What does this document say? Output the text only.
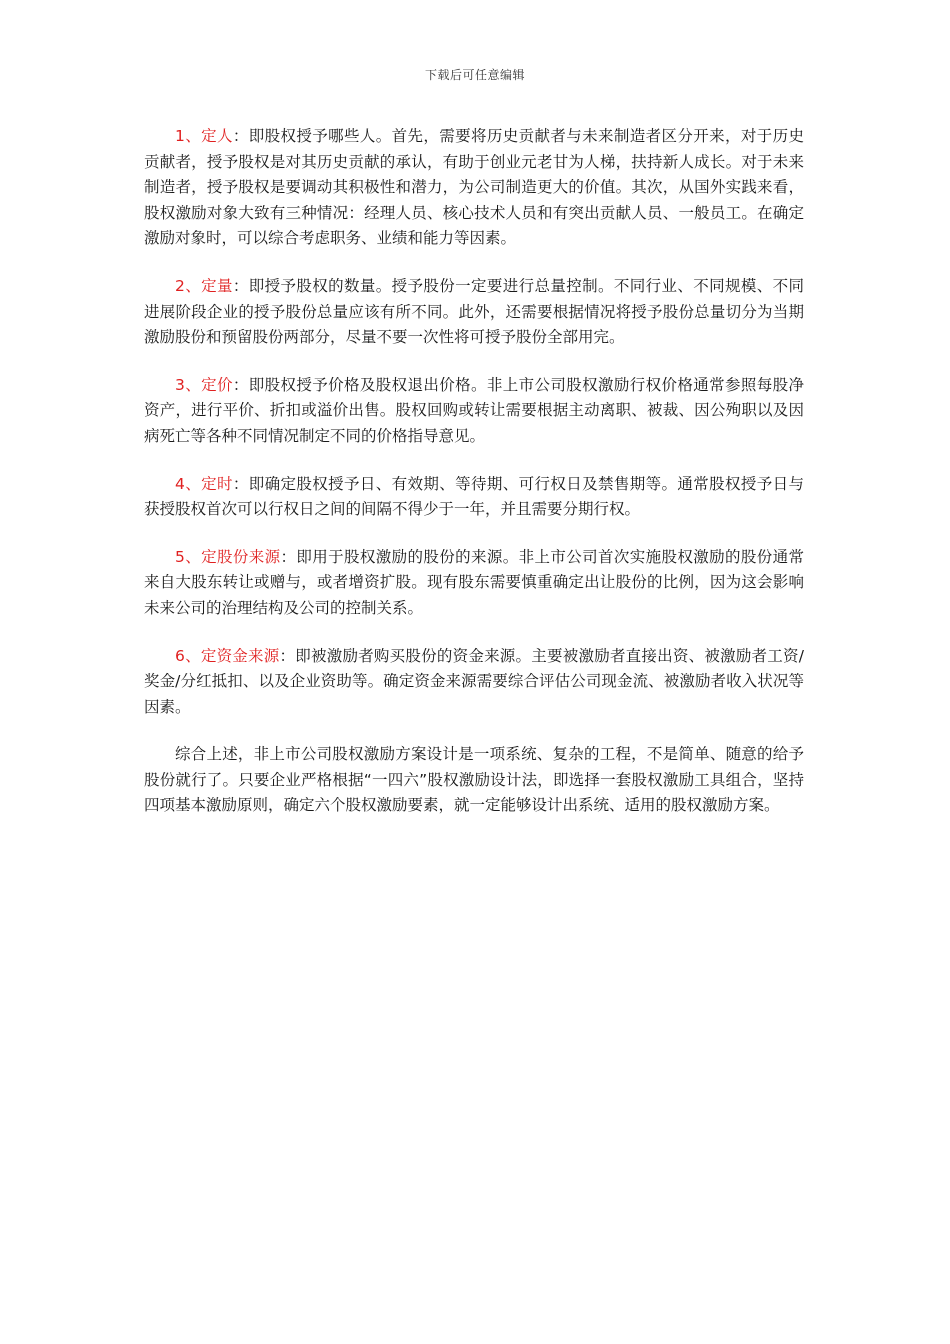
下载后可任意编辑

1、定人：即股权授予哪些人。首先，需要将历史贡献者与未来制造者区分开来，对于历史贡献者，授予股权是对其历史贡献的承认，有助于创业元老甘为人梯，扶持新人成长。对于未来制造者，授予股权是要调动其积极性和潜力，为公司制造更大的价值。其次，从国外实践来看，股权激励对象大致有三种情况：经理人员、核心技术人员和有突出贡献人员、一般员工。在确定激励对象时，可以综合考虑职务、业绩和能力等因素。

2、定量：即授予股权的数量。授予股份一定要进行总量控制。不同行业、不同规模、不同进展阶段企业的授予股份总量应该有所不同。此外，还需要根据情况将授予股份总量切分为当期激励股份和预留股份两部分，尽量不要一次性将可授予股份全部用完。

3、定价：即股权授予价格及股权退出价格。非上市公司股权激励行权价格通常参照每股净资产，进行平价、折扣或溢价出售。股权回购或转让需要根据主动离职、被裁、因公殉职以及因病死亡等各种不同情况制定不同的价格指导意见。

4、定时：即确定股权授予日、有效期、等待期、可行权日及禁售期等。通常股权授予日与获授股权首次可以行权日之间的间隔不得少于一年，并且需要分期行权。

5、定股份来源：即用于股权激励的股份的来源。非上市公司首次实施股权激励的股份通常来自大股东转让或赠与，或者增资扩股。现有股东需要慎重确定出让股份的比例，因为这会影响未来公司的治理结构及公司的控制关系。

6、定资金来源：即被激励者购买股份的资金来源。主要被激励者直接出资、被激励者工资/奖金/分红抵扣、以及企业资助等。确定资金来源需要综合评估公司现金流、被激励者收入状况等因素。

综合上述，非上市公司股权激励方案设计是一项系统、复杂的工程，不是简单、随意的给予股份就行了。只要企业严格根据“一四六”股权激励设计法，即选择一套股权激励工具组合，坚持四项基本激励原则，确定六个股权激励要素，就一定能够设计出系统、适用的股权激励方案。
